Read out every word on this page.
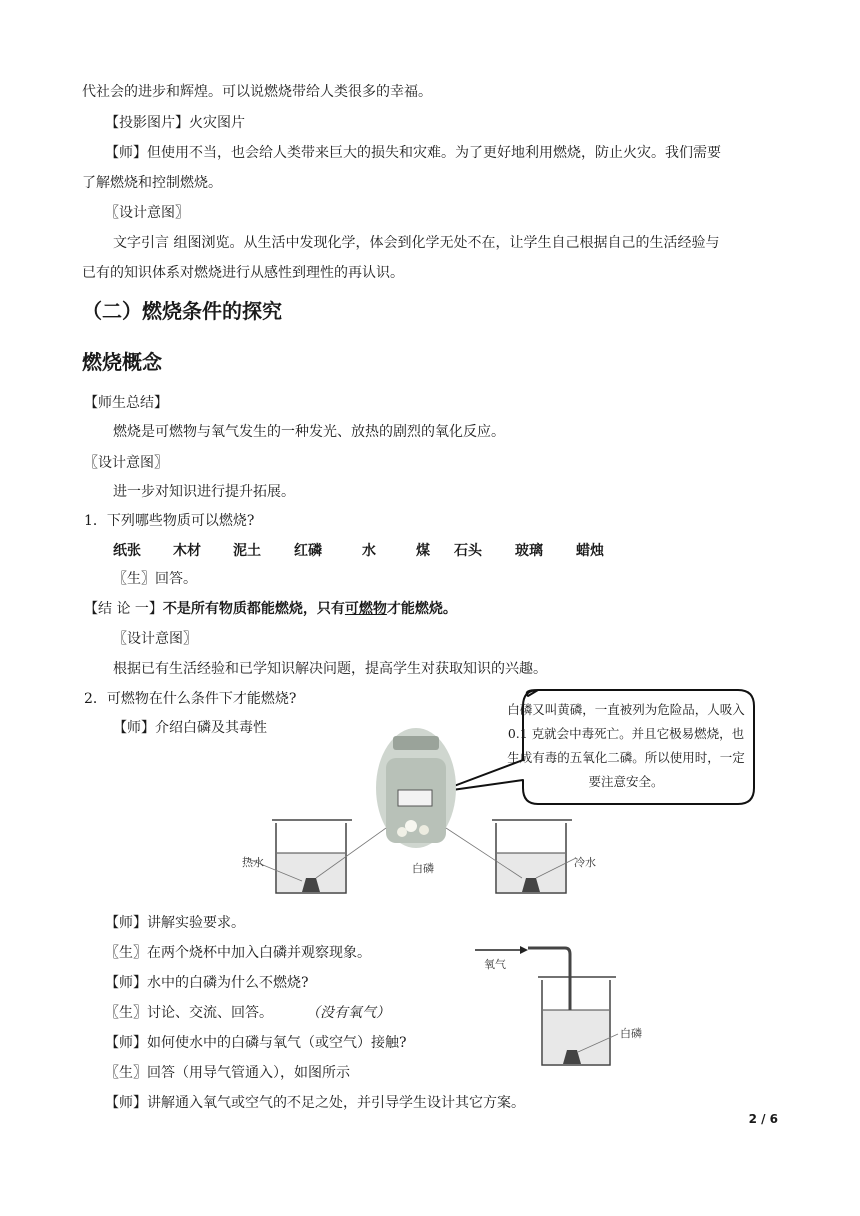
代社会的进步和辉煌。可以说燃烧带给人类很多的幸福。
【投影图片】火灾图片
【师】但使用不当，也会给人类带来巨大的损失和灾难。为了更好地利用燃烧，防止火灾。我们需要
了解燃烧和控制燃烧。
〖设计意图〗
文字引言 组图浏览。从生活中发现化学，体会到化学无处不在，让学生自己根据自己的生活经验与
已有的知识体系对燃烧进行从感性到理性的再认识。
（二）燃烧条件的探究
燃烧概念
【师生总结】
燃烧是可燃物与氧气发生的一种发光、放热的剧烈的氧化反应。
〖设计意图〗
进一步对知识进行提升拓展。
1．下列哪些物质可以燃烧?
纸张 木材 泥土 红磷	水	煤 石头 玻璃 蜡烛
〖生〗回答。
【结 论 一】不是所有物质都能燃烧，只有可燃物才能燃烧。
〖设计意图〗
根据已有生活经验和已学知识解决问题，提高学生对获取知识的兴趣。
2．可燃物在什么条件下才能燃烧?
【师】介绍白磷及其毒性
白磷又叫黄磷，一直被列为危险品，人吸入 0.1 克就会中毒死亡。并且它极易燃烧，也生成有毒的五氧化二磷。所以使用时，一定要注意安全。
热水	白磷	冷水
【师】讲解实验要求。
〖生〗在两个烧杯中加入白磷并观察现象。
【师】水中的白磷为什么不燃烧?
〖生〗讨论、交流、回答。	（没有氧气）
【师】如何使水中的白磷与氧气（或空气）接触?
〖生〗回答（用导气管通入），如图所示
【师】讲解通入氧气或空气的不足之处，并引导学生设计其它方案。
氧气
白磷
2 / 6
